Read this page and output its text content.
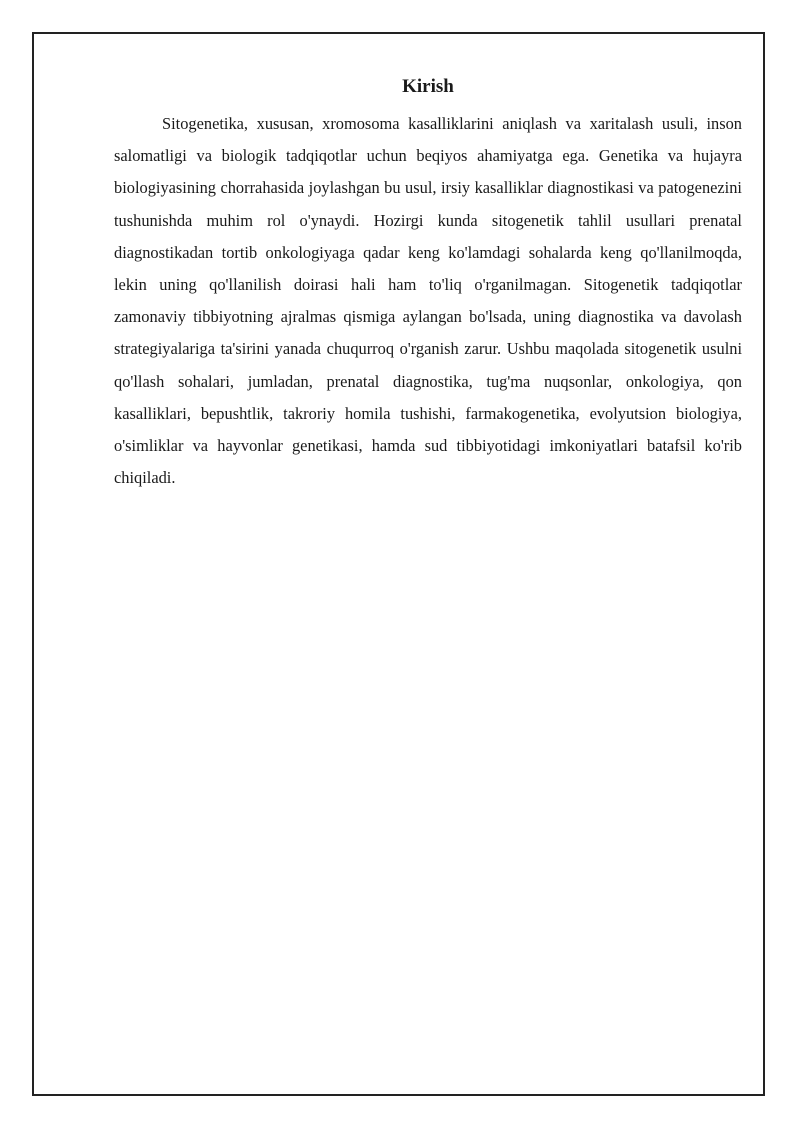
Kirish

Sitogenetika, xususan, xromosoma kasalliklarini aniqlash va xaritalash usuli, inson salomatligi va biologik tadqiqotlar uchun beqiyos ahamiyatga ega. Genetika va hujayra biologiyasining chorrahasida joylashgan bu usul, irsiy kasalliklar diagnostikasi va patogenezini tushunishda muhim rol o'ynaydi. Hozirgi kunda sitogenetik tahlil usullari prenatal diagnostikadan tortib onkologiyaga qadar keng ko'lamdagi sohalarda keng qo'llanilmoqda, lekin uning qo'llanilish doirasi hali ham to'liq o'rganilmagan. Sitogenetik tadqiqotlar zamonaviy tibbiyotning ajralmas qismiga aylangan bo'lsada, uning diagnostika va davolash strategiyalariga ta'sirini yanada chuqurroq o'rganish zarur. Ushbu maqolada sitogenetik usulni qo'llash sohalari, jumladan, prenatal diagnostika, tug'ma nuqsonlar, onkologiya, qon kasalliklari, bepushtlik, takroriy homila tushishi, farmakogenetika, evolyutsion biologiya, o'simliklar va hayvonlar genetikasi, hamda sud tibbiyotidagi imkoniyatlari batafsil ko'rib chiqiladi.
